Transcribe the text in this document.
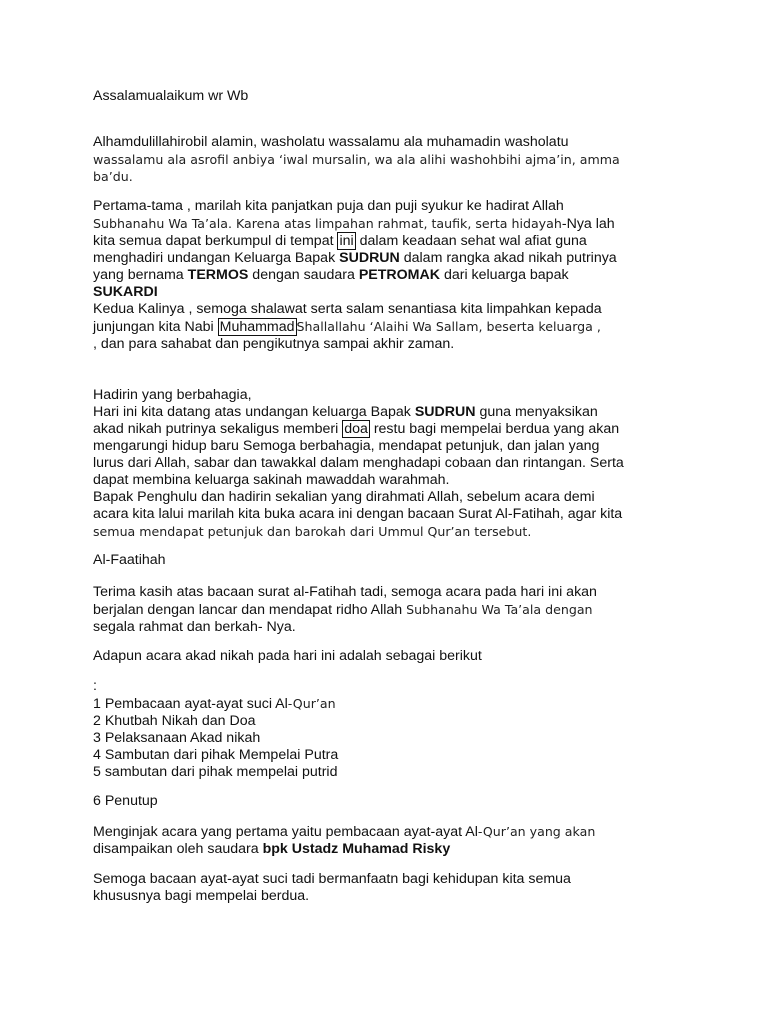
Assalamualaikum wr Wb

Alhamdulillahirobil alamin, washolatu wassalamu ala muhamadin washolatu
wassalamu ala asrofil anbiya ‘iwal mursalin, wa ala alihi washohbihi ajma’in, amma
ba’du.

Pertama-tama , marilah kita panjatkan puja dan puji syukur ke hadirat Allah
Subhanahu Wa Ta’ala. Karena atas limpahan rahmat, taufik, serta hidayah-Nya lah
kita semua dapat berkumpul di tempat ini dalam keadaan sehat wal afiat guna
menghadiri undangan Keluarga Bapak SUDRUN dalam rangka akad nikah putrinya
yang bernama TERMOS dengan saudara PETROMAK dari keluarga bapak
SUKARDI
Kedua Kalinya , semoga shalawat serta salam senantiasa kita limpahkan kepada
junjungan kita Nabi Muhammad Shallallahu ‘Alaihi Wa Sallam, beserta keluarga ,
, dan para sahabat dan pengikutnya sampai akhir zaman.

Hadirin yang berbahagia,
Hari ini kita datang atas undangan keluarga Bapak SUDRUN guna menyaksikan
akad nikah putrinya sekaligus memberi doa restu bagi mempelai berdua yang akan
mengarungi hidup baru Semoga berbahagia, mendapat petunjuk, dan jalan yang
lurus dari Allah, sabar dan tawakkal dalam menghadapi cobaan dan rintangan. Serta
dapat membina keluarga sakinah mawaddah warahmah.
Bapak Penghulu dan hadirin sekalian yang dirahmati Allah, sebelum acara demi
acara kita lalui marilah kita buka acara ini dengan bacaan Surat Al-Fatihah, agar kita
semua mendapat petunjuk dan barokah dari Ummul Qur’an tersebut.

Al-Faatihah

Terima kasih atas bacaan surat al-Fatihah tadi, semoga acara pada hari ini akan
berjalan dengan lancar dan mendapat ridho Allah Subhanahu Wa Ta’ala dengan
segala rahmat dan berkah- Nya.

Adapun acara akad nikah pada hari ini adalah sebagai berikut

:
1 Pembacaan ayat-ayat suci Al-Qur’an
2 Khutbah Nikah dan Doa
3 Pelaksanaan Akad nikah
4 Sambutan dari pihak Mempelai Putra
5 sambutan dari pihak mempelai putrid

6 Penutup

Menginjak acara yang pertama yaitu pembacaan ayat-ayat Al-Qur’an yang akan
disampaikan oleh saudara bpk Ustadz Muhamad Risky

Semoga bacaan ayat-ayat suci tadi bermanfaatn bagi kehidupan kita semua
khususnya bagi mempelai berdua.
